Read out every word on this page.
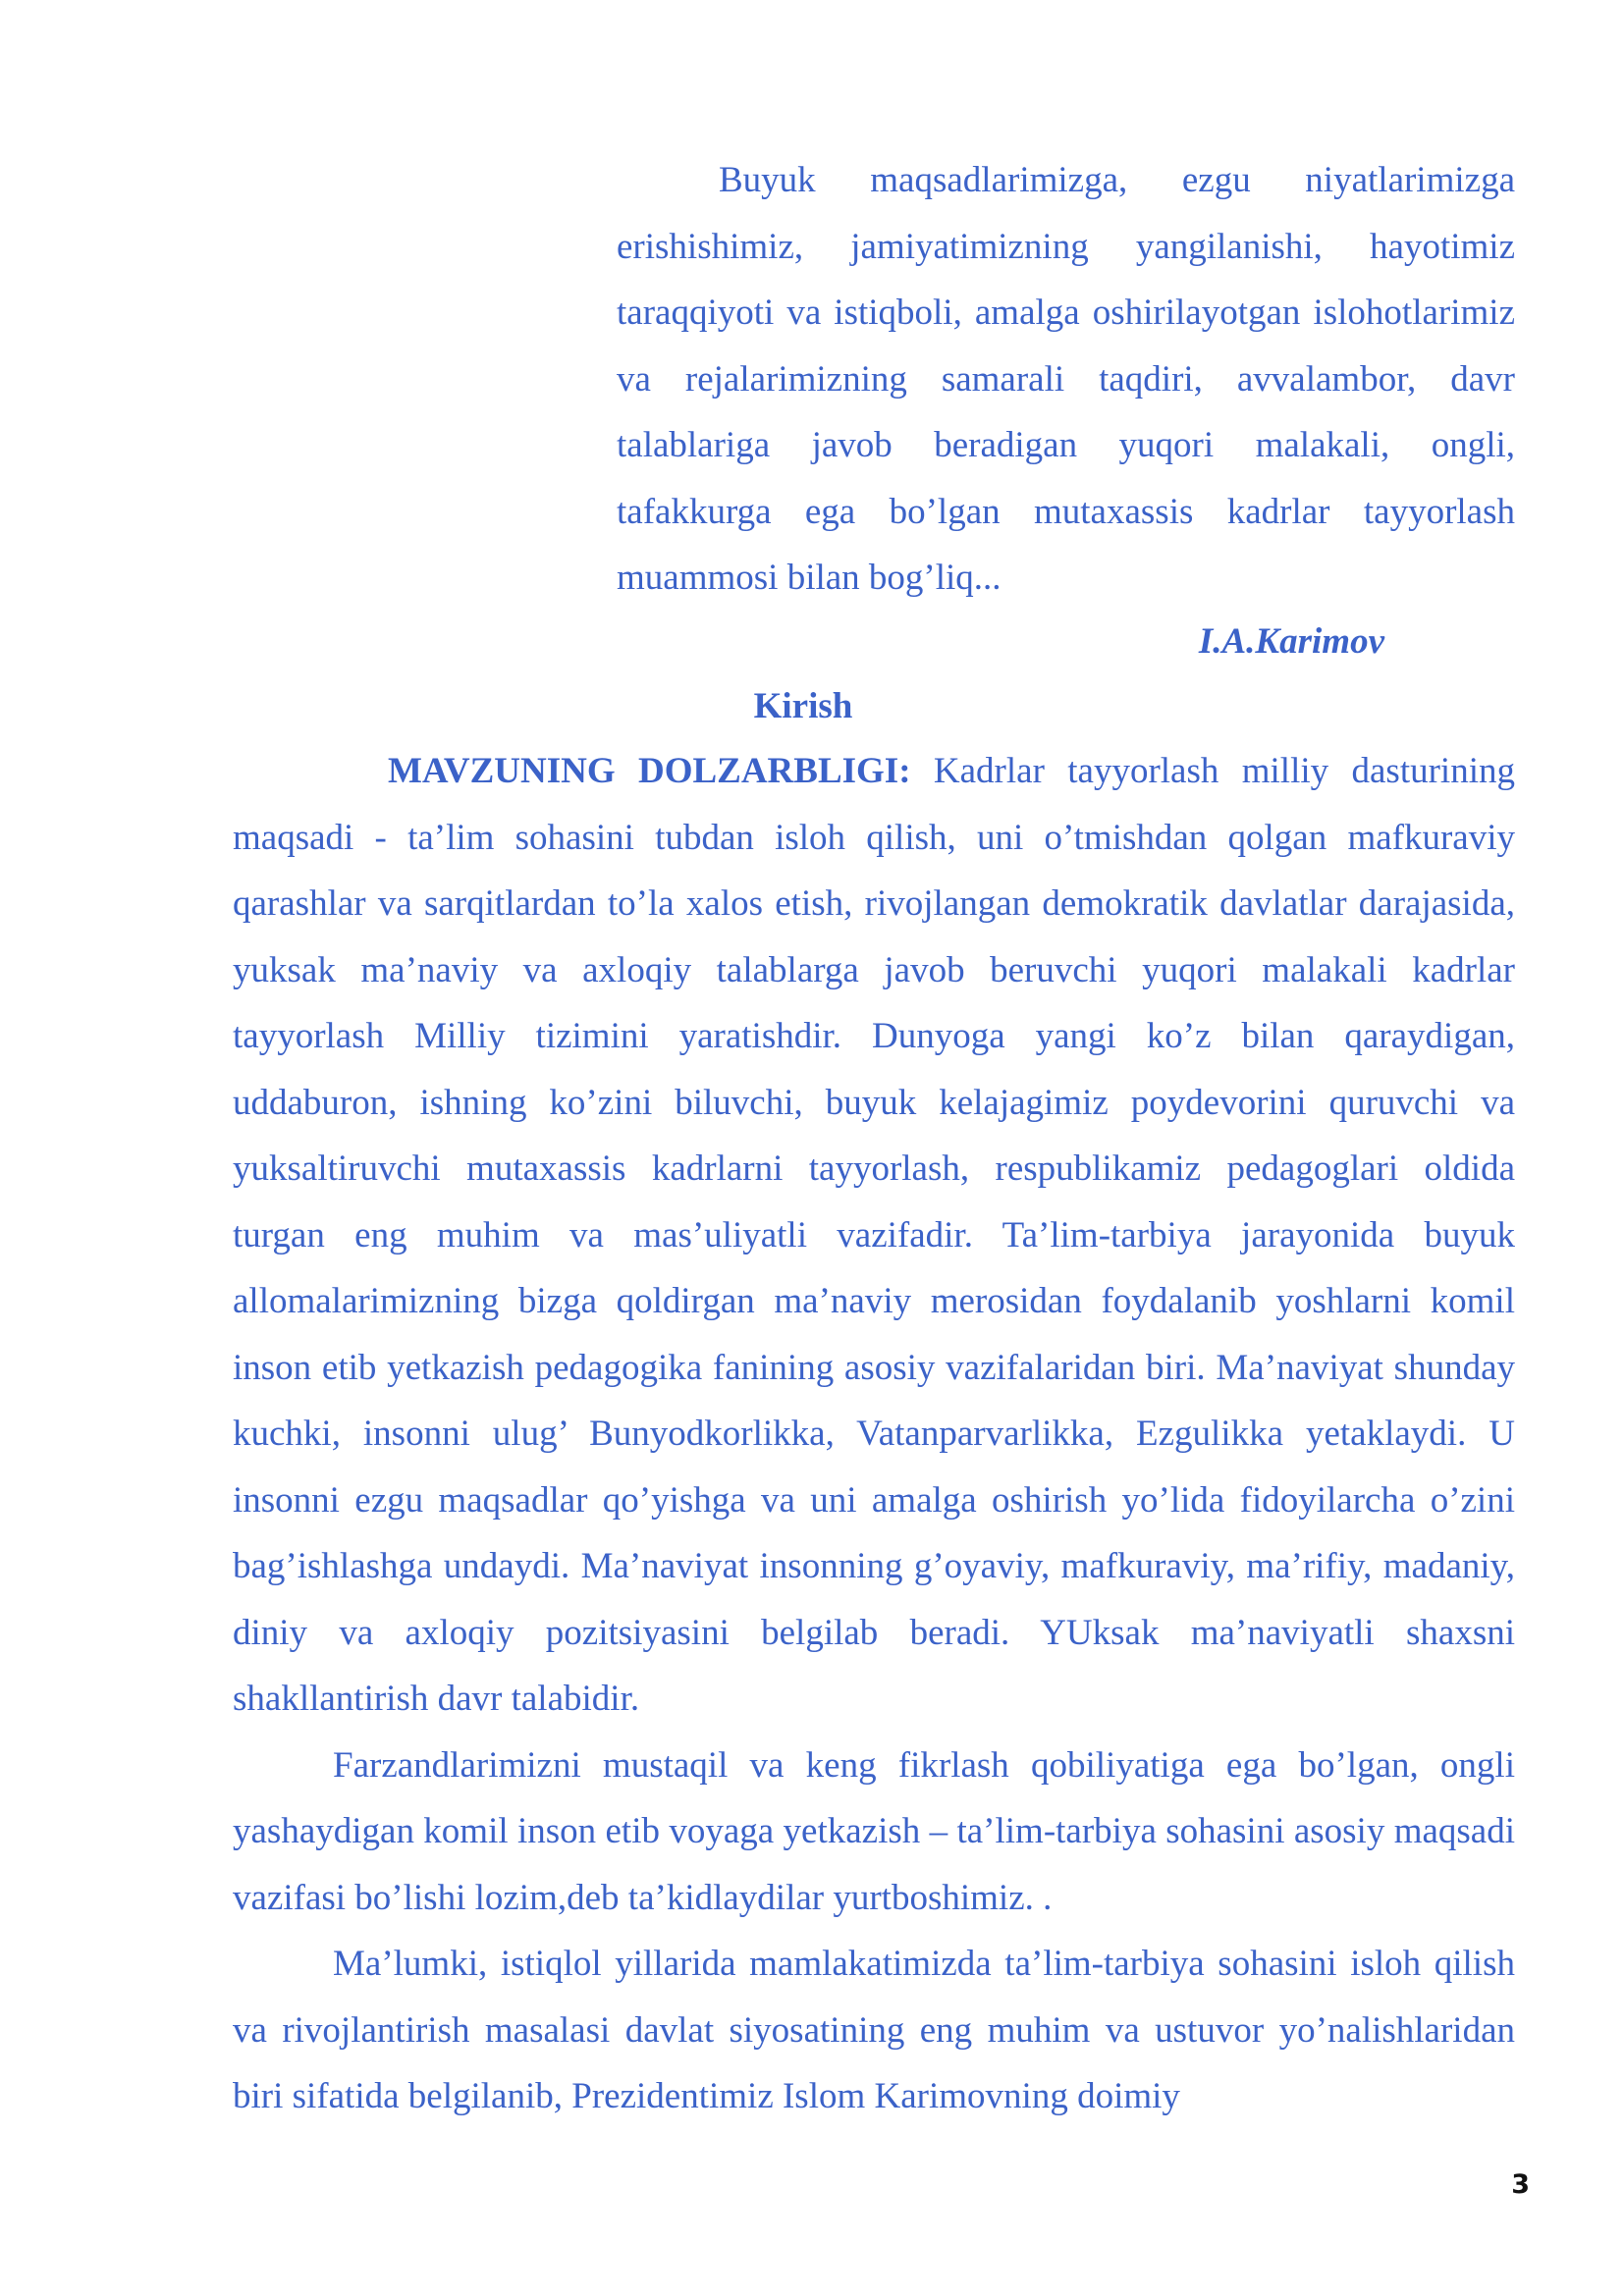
Buyuk maqsadlarimizga, ezgu niyatlarimizga erishishimiz, jamiyatimizning yangilanishi, hayotimiz taraqqiyoti va istiqboli, amalga oshirilayotgan islohotlarimiz va rejalarimizning samarali taqdiri, avvalambor, davr talablariga javob beradigan yuqori malakali, ongli, tafakkurga ega bo’lgan mutaxassis kadrlar tayyorlash muammosi bilan bog’liq...
I.A.Karimov
Kirish

MAVZUNING DOLZARBLIGI: Kadrlar tayyorlash milliy dasturining maqsadi - ta’lim sohasini tubdan isloh qilish, uni o’tmishdan qolgan mafkuraviy qarashlar va sarqitlardan to’la xalos etish, rivojlangan demokratik davlatlar darajasida, yuksak ma’naviy va axloqiy talablarga javob beruvchi yuqori malakali kadrlar tayyorlash Milliy tizimini yaratishdir. Dunyoga yangi ko’z bilan qaraydigan, uddaburon, ishning ko’zini biluvchi, buyuk kelajagimiz poydevorini quruvchi va yuksaltiruvchi mutaxassis kadrlarni tayyorlash, respublikamiz pedagoglari oldida turgan eng muhim va mas’uliyatli vazifadir. Ta’lim-tarbiya jarayonida buyuk allomalarimizning bizga qoldirgan ma’naviy merosidan foydalanib yoshlarni komil inson etib yetkazish pedagogika fanining asosiy vazifalaridan biri. Ma’naviyat shunday kuchki, insonni ulug’ Bunyodkorlikka, Vatanparvarlikka, Ezgulikka yetaklaydi. U insonni ezgu maqsadlar qo’yishga va uni amalga oshirish yo’lida fidoyilarcha o’zini bag’ishlashga undaydi. Ma’naviyat insonning g’oyaviy, mafkuraviy, ma’rifiy, madaniy, diniy va axloqiy pozitsiyasini belgilab beradi. YUksak ma’naviyatli shaxsni shakllantirish davr talabidir.

Farzandlarimizni mustaqil va keng fikrlash qobiliyatiga ega bo’lgan, ongli yashaydigan komil inson etib voyaga yetkazish – ta’lim-tarbiya sohasini asosiy maqsadi vazifasi bo’lishi lozim,deb ta’kidlaydilar yurtboshimiz. .

Ma’lumki, istiqlol yillarida mamlakatimizda ta’lim-tarbiya sohasini isloh qilish va rivojlantirish masalasi davlat siyosatining eng muhim va ustuvor yo’nalishlaridan biri sifatida belgilanib, Prezidentimiz Islom Karimovning doimiy

3
